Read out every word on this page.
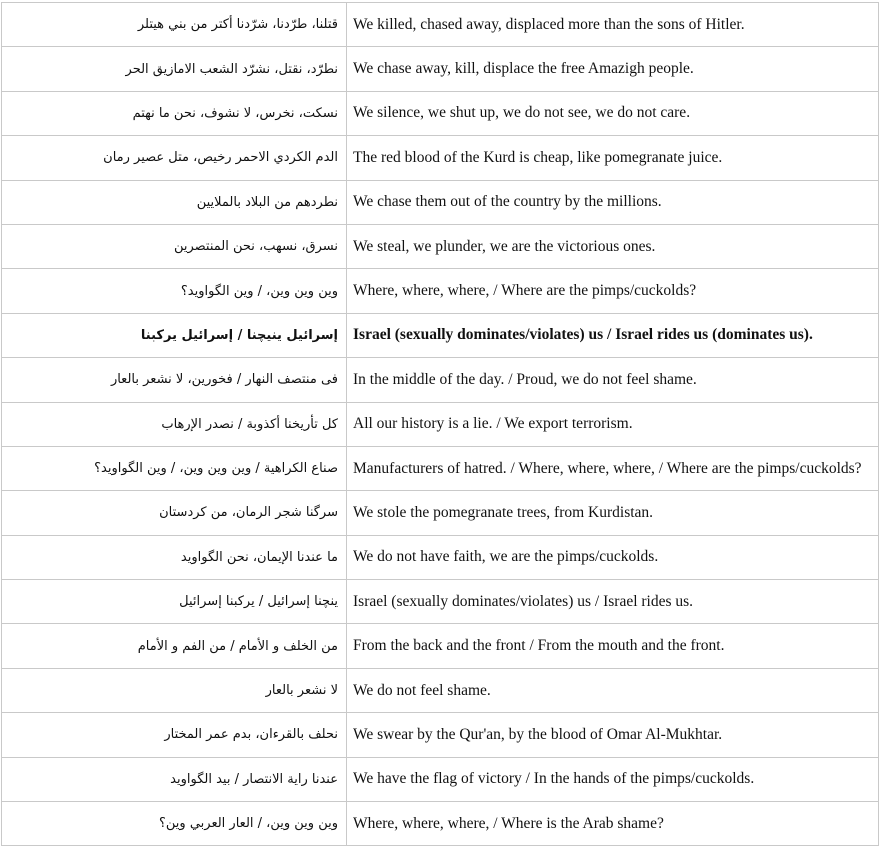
قتلنا، طرّدنا، شرّدنا أكتر من بني هيتلر	We killed, chased away, displaced more than the sons of Hitler.
نطرّد، نقتل، نشرّد الشعب الامازيق الحر	We chase away, kill, displace the free Amazigh people.
نسكت، نخرس، لا نشوف، نحن ما نهتم	We silence, we shut up, we do not see, we do not care.
الدم الكردي الاحمر رخيص، متل عصير رمان	The red blood of the Kurd is cheap, like pomegranate juice.
نطردهم من البلاد بالملايين	We chase them out of the country by the millions.
نسرق، نسهب، نحن المنتصرين	We steal, we plunder, we are the victorious ones.
وين وين وين، / وين الگواويد؟	Where, where, where, / Where are the pimps/cuckolds?
إسرائيل ينيچنا / إسرائيل يركبنا	Israel (sexually dominates/violates) us / Israel rides us (dominates us).
فى منتصف النهار / فخورين، لا نشعر بالعار	In the middle of the day. / Proud, we do not feel shame.
كل تأريخنا أكذوبة / نصدر الإرهاب	All our history is a lie. / We export terrorism.
صناع الكراهية / وين وين وين، / وين الگواويد؟	Manufacturers of hatred. / Where, where, where, / Where are the pimps/cuckolds?
سرگنا شجر الرمان، من كردستان	We stole the pomegranate trees, from Kurdistan.
ما عندنا الإيمان، نحن الگواويد	We do not have faith, we are the pimps/cuckolds.
ينچنا إسرائيل / يركبنا إسرائيل	Israel (sexually dominates/violates) us / Israel rides us.
من الخلف و الأمام / من الفم و الأمام	From the back and the front / From the mouth and the front.
لا نشعر بالعار	We do not feel shame.
نحلف بالقرءان، بدم عمر المختار	We swear by the Qur'an, by the blood of Omar Al-Mukhtar.
عندنا راية الانتصار / بيد الگواويد	We have the flag of victory / In the hands of the pimps/cuckolds.
وين وين وين، / العار العربي وين؟	Where, where, where, / Where is the Arab shame?
